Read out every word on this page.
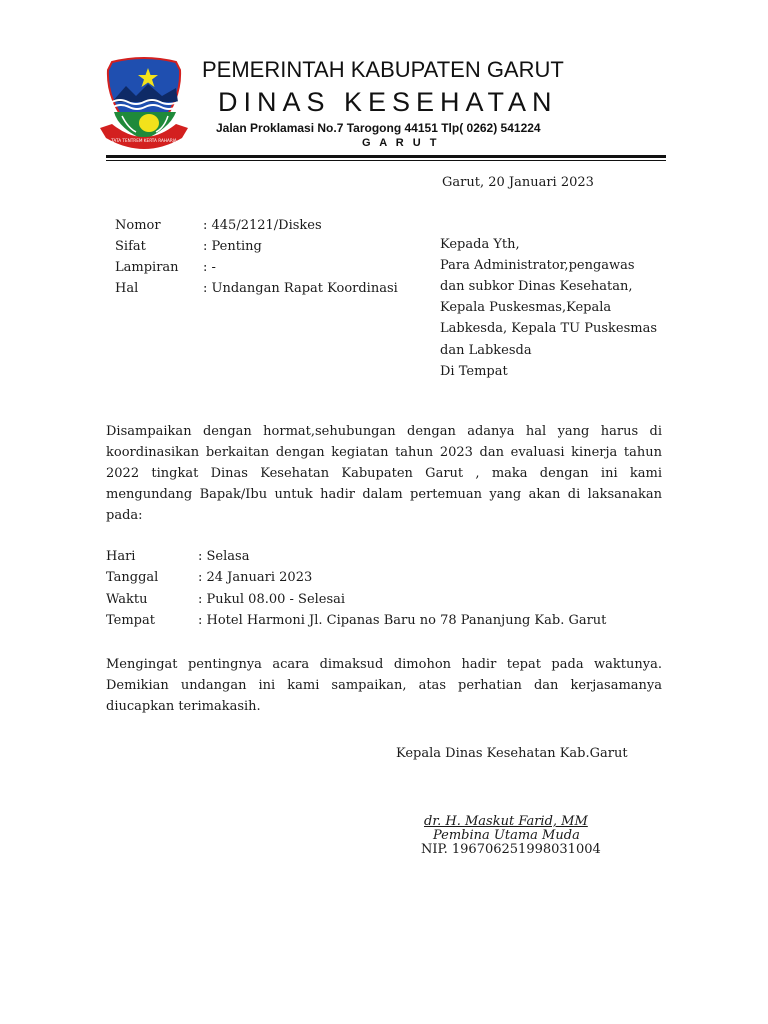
TATA TENTREM KERTA RAHARJA
PEMERINTAH KABUPATEN GARUT
DINAS KESEHATAN
Jalan Proklamasi No.7 Tarogong 44151 Tlp( 0262) 541224
G A R U T
Garut, 20 Januari 2023
Nomor	: 445/2121/Diskes
Sifat	: Penting
Lampiran : -
Hal	: Undangan Rapat Koordinasi
Kepada Yth,
Para Administrator,pengawas
dan subkor Dinas Kesehatan,
Kepala Puskesmas,Kepala
Labkesda, Kepala TU Puskesmas
dan Labkesda
Di Tempat
Disampaikan dengan hormat,sehubungan dengan adanya hal yang harus di koordinasikan berkaitan dengan kegiatan tahun 2023 dan evaluasi kinerja tahun 2022 tingkat Dinas Kesehatan Kabupaten Garut , maka dengan ini kami mengundang Bapak/Ibu untuk hadir dalam pertemuan yang akan di laksanakan pada:
Hari	: Selasa
Tanggal	: 24 Januari 2023
Waktu	: Pukul 08.00 - Selesai
Tempat	: Hotel Harmoni Jl. Cipanas Baru no 78 Pananjung Kab. Garut
Mengingat pentingnya acara dimaksud dimohon hadir tepat pada waktunya. Demikian undangan ini kami sampaikan, atas perhatian dan kerjasamanya diucapkan terimakasih.
Kepala Dinas Kesehatan Kab.Garut
dr. H. Maskut Farid, MM
Pembina Utama Muda
NIP. 196706251998031004
